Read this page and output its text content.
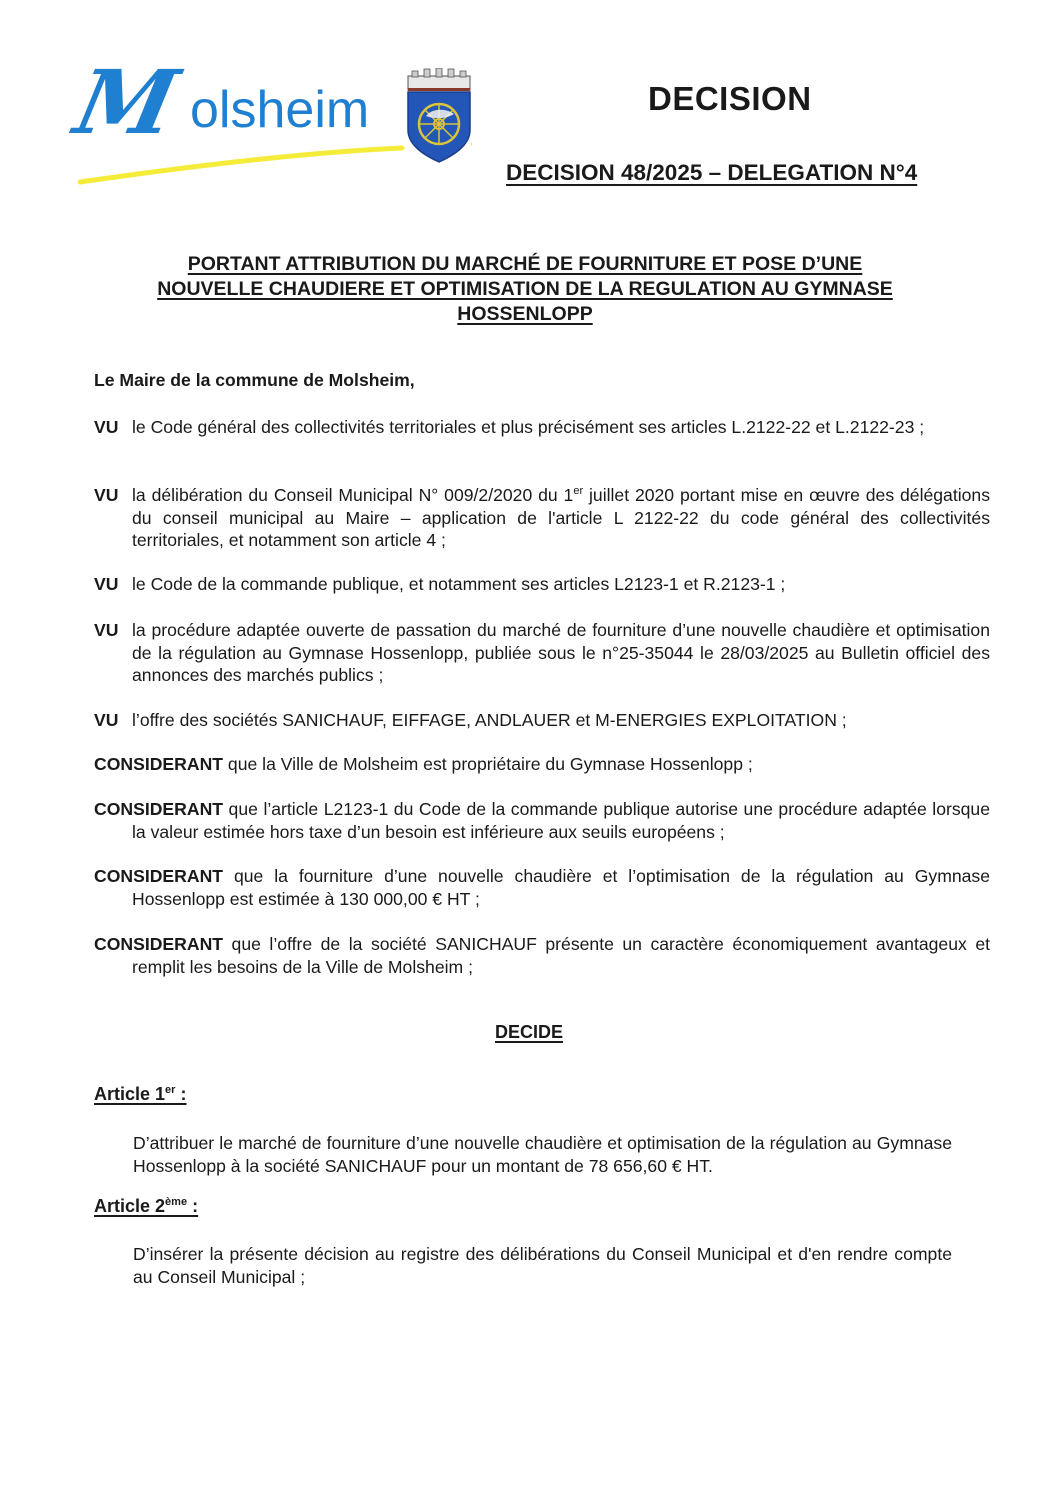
M olsheim	DECISION
DECISION 48/2025 – DELEGATION N°4
PORTANT ATTRIBUTION DU MARCHÉ DE FOURNITURE ET POSE D’UNE
NOUVELLE CHAUDIERE ET OPTIMISATION DE LA REGULATION AU GYMNASE
HOSSENLOPP
Le Maire de la commune de Molsheim,
VU le Code général des collectivités territoriales et plus précisément ses articles L.2122-22 et L.2122-23 ;
VU la délibération du Conseil Municipal N° 009/2/2020 du 1er juillet 2020 portant mise en œuvre des délégations du conseil municipal au Maire – application de l'article L 2122-22 du code général des collectivités territoriales, et notamment son article 4 ;
VU le Code de la commande publique, et notamment ses articles L2123-1 et R.2123-1 ;
VU la procédure adaptée ouverte de passation du marché de fourniture d’une nouvelle chaudière et optimisation de la régulation au Gymnase Hossenlopp, publiée sous le n°25-35044 le 28/03/2025 au Bulletin officiel des annonces des marchés publics ;
VU l’offre des sociétés SANICHAUF, EIFFAGE, ANDLAUER et M-ENERGIES EXPLOITATION ;
CONSIDERANT que la Ville de Molsheim est propriétaire du Gymnase Hossenlopp ;
CONSIDERANT que l’article L2123-1 du Code de la commande publique autorise une procédure adaptée lorsque la valeur estimée hors taxe d’un besoin est inférieure aux seuils européens ;
CONSIDERANT que la fourniture d’une nouvelle chaudière et l’optimisation de la régulation au Gymnase Hossenlopp est estimée à 130 000,00 € HT ;
CONSIDERANT que l’offre de la société SANICHAUF présente un caractère économiquement avantageux et remplit les besoins de la Ville de Molsheim ;
DECIDE
Article 1er :
D’attribuer le marché de fourniture d’une nouvelle chaudière et optimisation de la régulation au Gymnase Hossenlopp à la société SANICHAUF pour un montant de 78 656,60 € HT.
Article 2ème :
D’insérer la présente décision au registre des délibérations du Conseil Municipal et d'en rendre compte au Conseil Municipal ;
